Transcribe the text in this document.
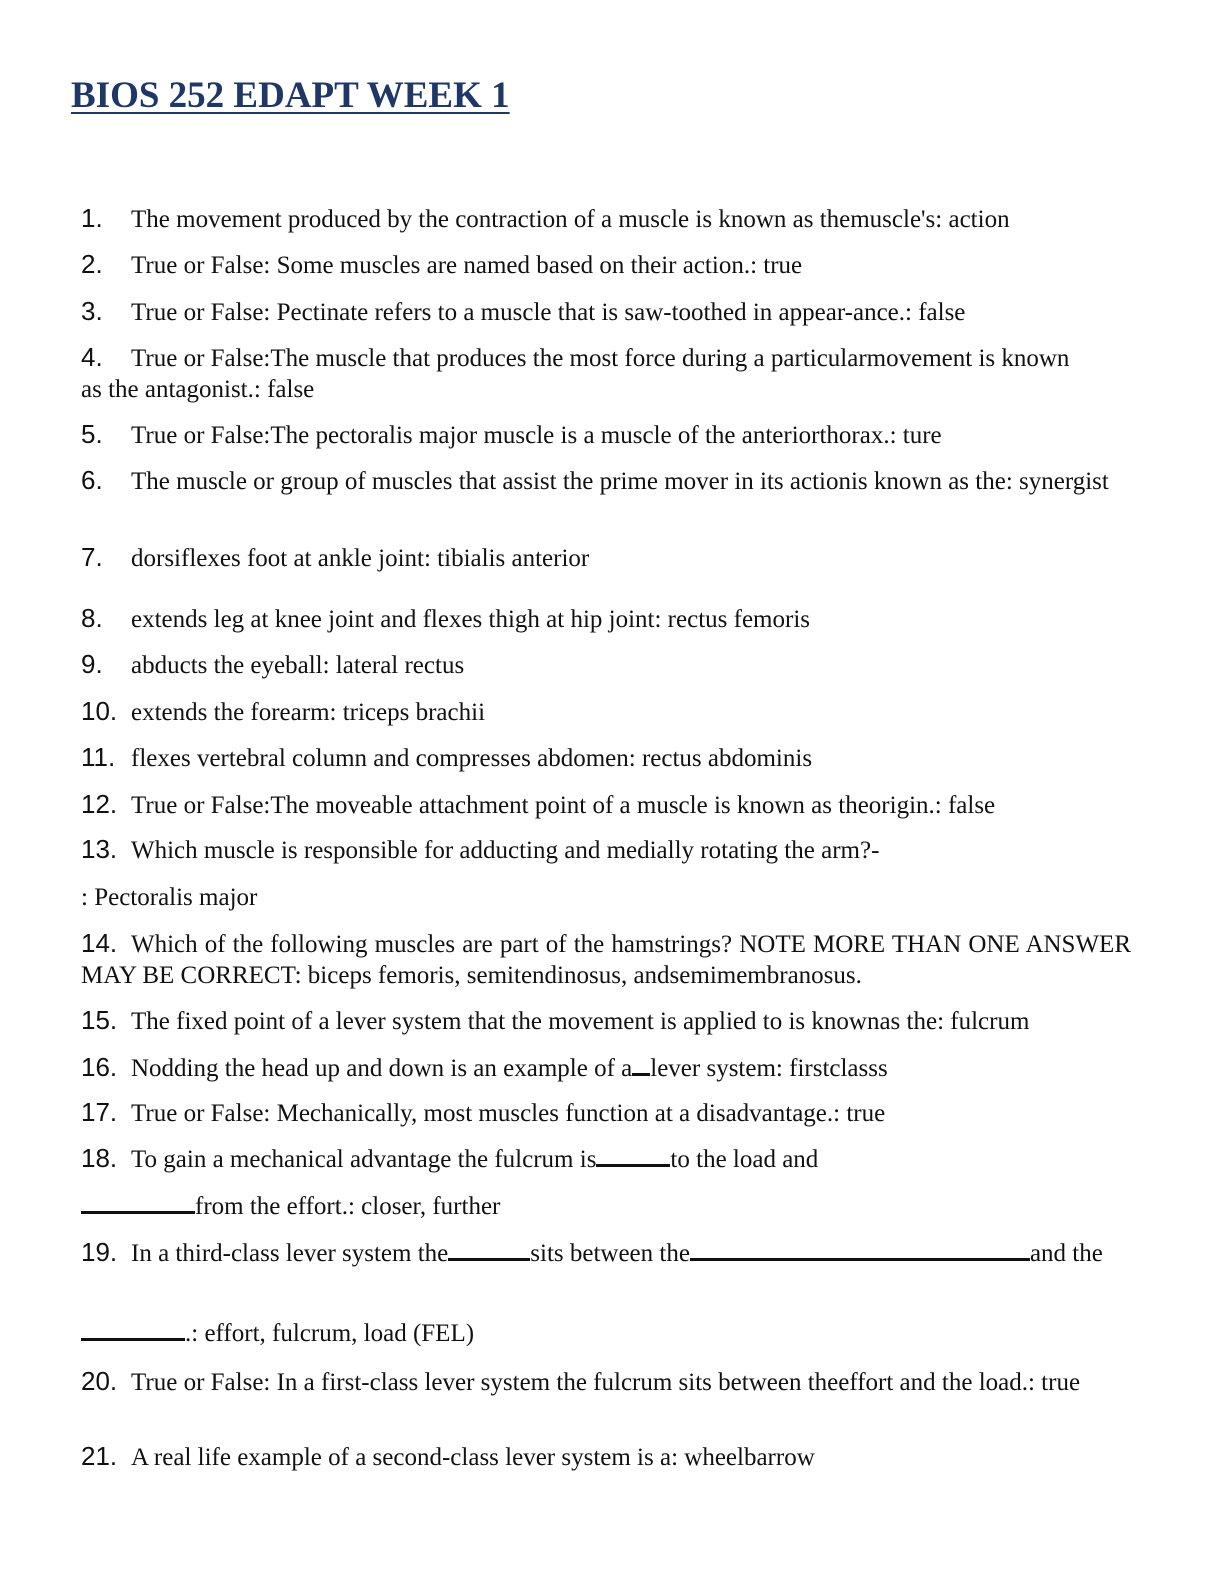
BIOS 252 EDAPT WEEK 1
1. The movement produced by the contraction of a muscle is known as themuscle's: action
2. True or False: Some muscles are named based on their action.: true
3. True or False: Pectinate refers to a muscle that is saw-toothed in appear-ance.: false
4. True or False:The muscle that produces the most force during a particularmovement is known as the antagonist.: false
5. True or False:The pectoralis major muscle is a muscle of the anteriorthorax.: ture
6. The muscle or group of muscles that assist the prime mover in its actionis known as the: synergist
7. dorsiflexes foot at ankle joint: tibialis anterior
8. extends leg at knee joint and flexes thigh at hip joint: rectus femoris
9. abducts the eyeball: lateral rectus
10. extends the forearm: triceps brachii
11. flexes vertebral column and compresses abdomen: rectus abdominis
12. True or False:The moveable attachment point of a muscle is known as theorigin.: false
13. Which muscle is responsible for adducting and medially rotating the arm?-
: Pectoralis major
14. Which of the following muscles are part of the hamstrings? NOTE MORE THAN ONE ANSWER MAY BE CORRECT: biceps femoris, semitendinosus, andsemimembranosus.
15. The fixed point of a lever system that the movement is applied to is knownas the: fulcrum
16. Nodding the head up and down is an example of a lever system: firstclasss
17. True or False: Mechanically, most muscles function at a disadvantage.: true
18. To gain a mechanical advantage the fulcrum is	to the load and
from the effort.: closer, further
19. In a third-class lever system the	sits between the	and the
.: effort, fulcrum, load (FEL)
20. True or False: In a first-class lever system the fulcrum sits between theeffort and the load.: true
21. A real life example of a second-class lever system is a: wheelbarrow
